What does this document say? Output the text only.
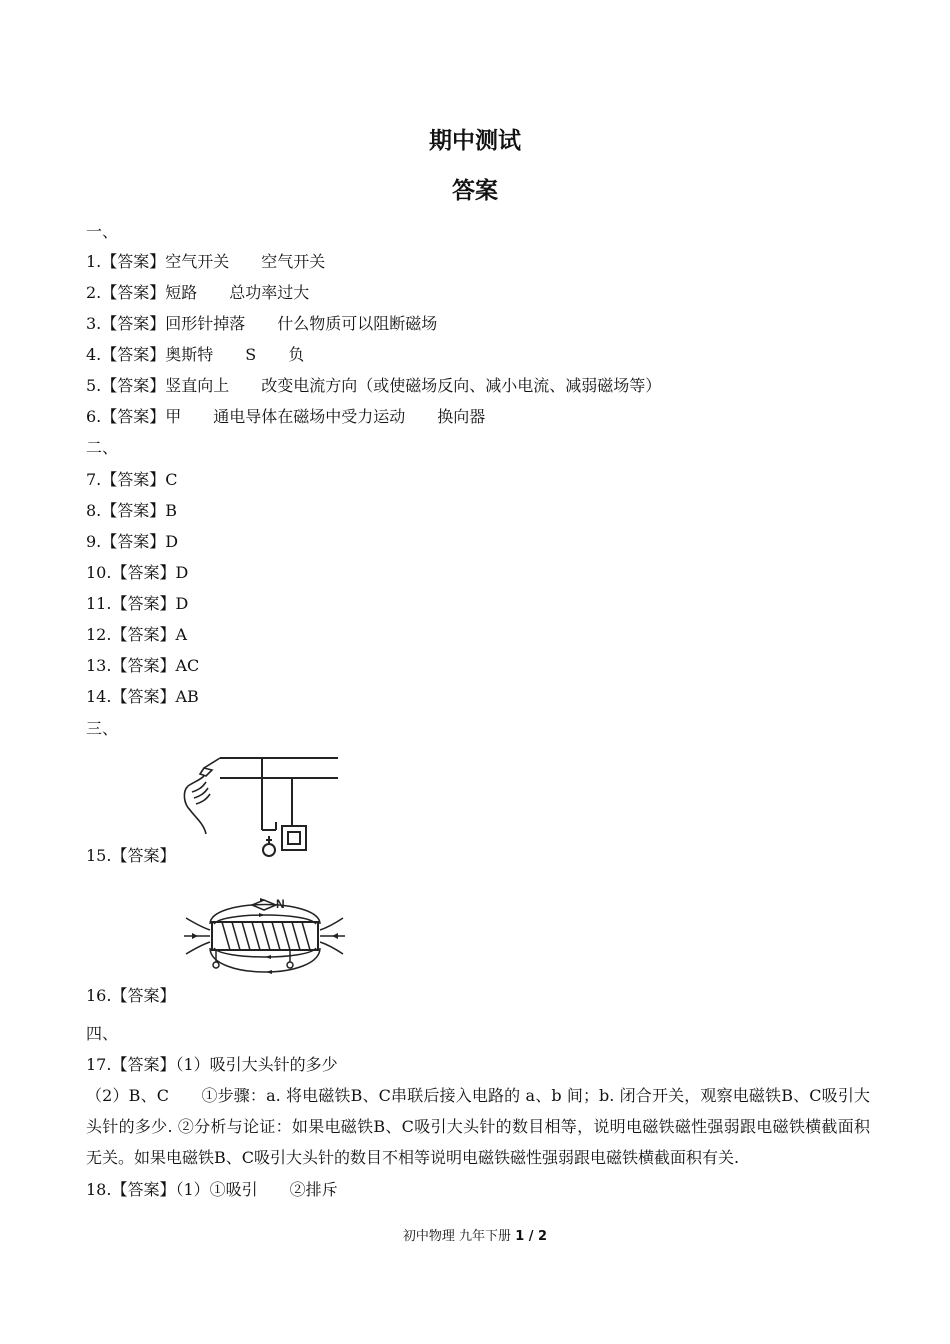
期中测试
答案
一、
1.【答案】空气开关　　空气开关
2.【答案】短路　　总功率过大
3.【答案】回形针掉落　　什么物质可以阻断磁场
4.【答案】奥斯特　　S　　负
5.【答案】竖直向上　　改变电流方向（或使磁场反向、减小电流、减弱磁场等）
6.【答案】甲　　通电导体在磁场中受力运动　　换向器
二、
7.【答案】C
8.【答案】B
9.【答案】D
10.【答案】D
11.【答案】D
12.【答案】A
13.【答案】AC
14.【答案】AB
三、
15.【答案】
N
16.【答案】
四、
17.【答案】（1）吸引大头针的多少
（2）B、C　　①步骤：a. 将电磁铁B、C串联后接入电路的 a、b 间；b. 闭合开关，观察电磁铁B、C吸引大头针的多少. ②分析与论证：如果电磁铁B、C吸引大头针的数目相等，说明电磁铁磁性强弱跟电磁铁横截面积无关。如果电磁铁B、C吸引大头针的数目不相等说明电磁铁磁性强弱跟电磁铁横截面积有关.
18.【答案】（1）①吸引　　②排斥
初中物理 九年下册 1 / 2
